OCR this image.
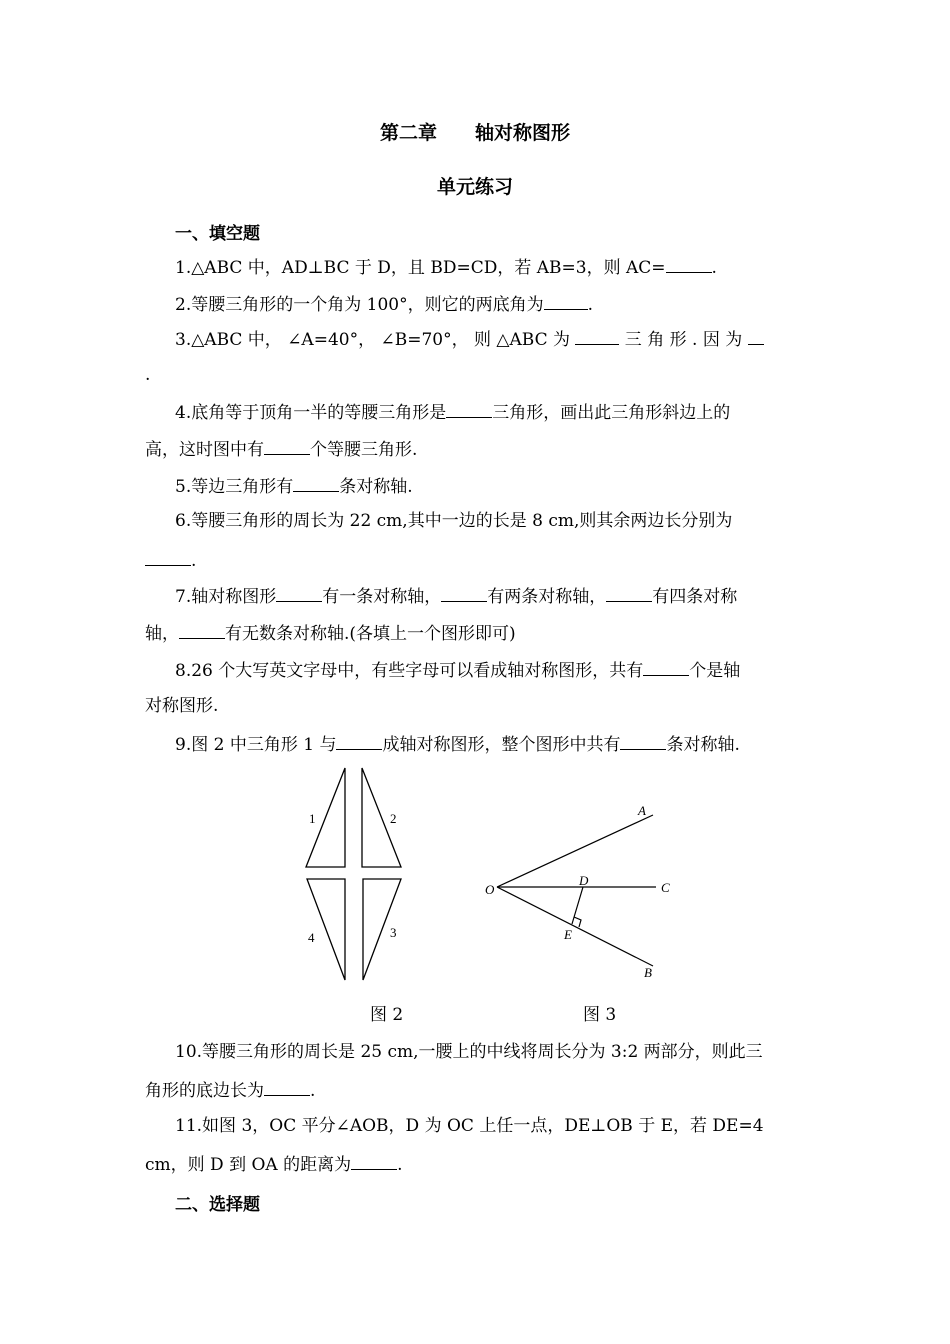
第二章　　轴对称图形
单元练习
一、填空题
1.△ABC 中，AD⊥BC 于 D，且 BD=CD，若 AB=3，则 AC=	.
2.等腰三角形的一个角为 100°，则它的两底角为	.
3.△ABC 中， ∠A=40°， ∠B=70°， 则 △ABC 为	三 角 形 . 因 为
.
4.底角等于顶角一半的等腰三角形是	三角形，画出此三角形斜边上的
高，这时图中有	个等腰三角形.
5.等边三角形有	条对称轴.
6.等腰三角形的周长为 22 cm,其中一边的长是 8 cm,则其余两边长分别为
.
7.轴对称图形	有一条对称轴，	有两条对称轴，	有四条对称
轴，	有无数条对称轴.(各填上一个图形即可)
8.26 个大写英文字母中，有些字母可以看成轴对称图形，共有	个是轴
对称图形.
9.图 2 中三角形 1 与	成轴对称图形，整个图形中共有	条对称轴.
1	2
3
4
A
B
C
D
E
O
图 2	图 3
10.等腰三角形的周长是 25 cm,一腰上的中线将周长分为 3:2 两部分，则此三
角形的底边长为	.
11.如图 3，OC 平分∠AOB，D 为 OC 上任一点，DE⊥OB 于 E，若 DE=4
cm，则 D 到 OA 的距离为	.
二、选择题
